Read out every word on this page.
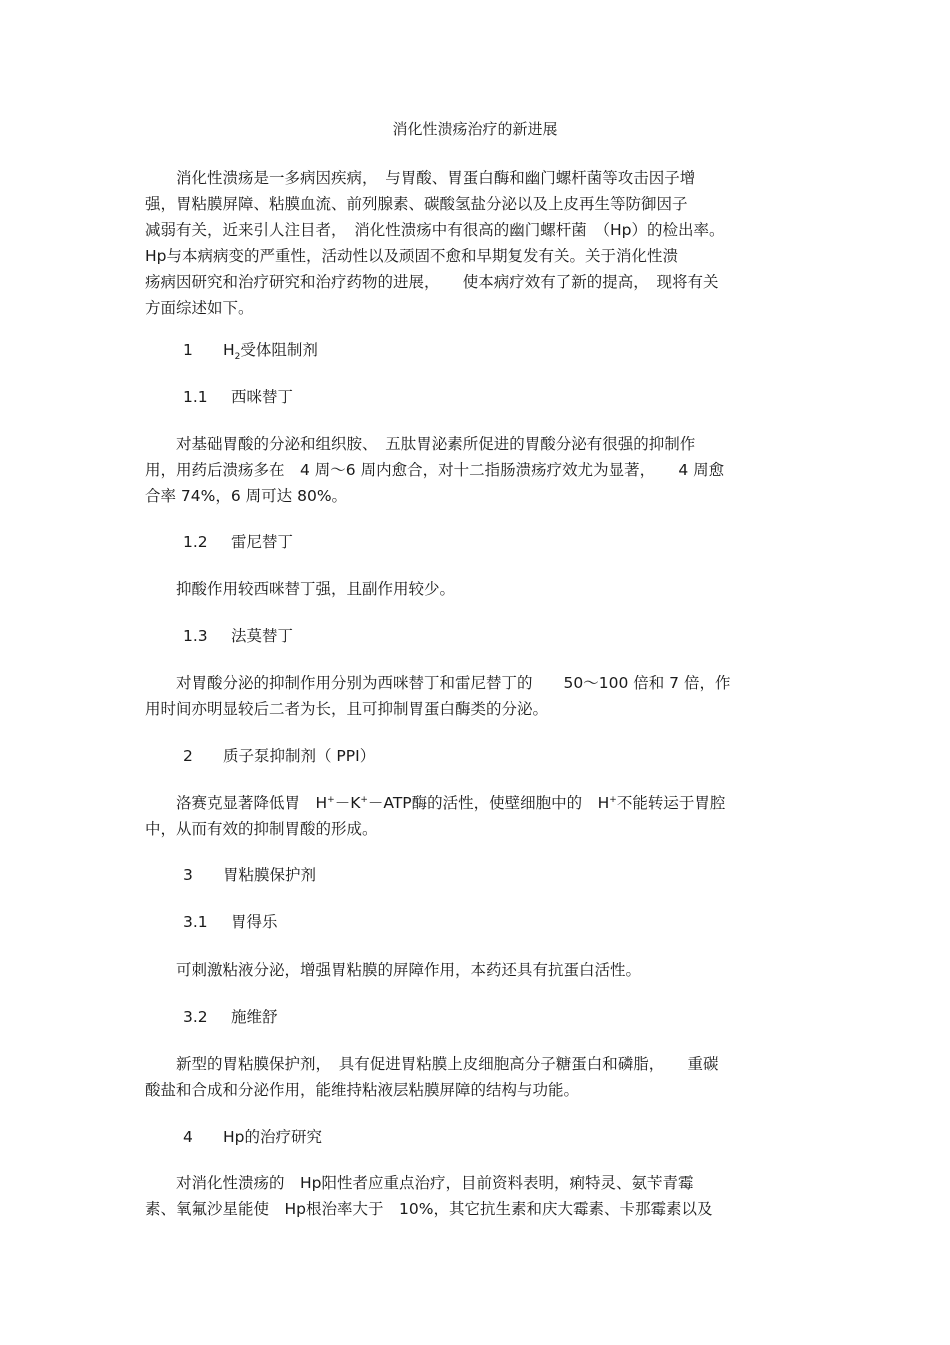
消化性溃疡治疗的新进展
　　消化性溃疡是一多病因疾病，　与胃酸、胃蛋白酶和幽门螺杆菌等攻击因子增
强，胃粘膜屏障、粘膜血流、前列腺素、碳酸氢盐分泌以及上皮再生等防御因子
减弱有关，近来引人注目者，　消化性溃疡中有很高的幽门螺杆菌　（Hp）的检出率。
Hp与本病病变的严重性，活动性以及顽固不愈和早期复发有关。关于消化性溃
疡病因研究和治疗研究和治疗药物的进展，　　使本病疗效有了新的提高，　现将有关
方面综述如下。
1 $H_2$受体阻制剂
1.1 西咪替丁
　　对基础胃酸的分泌和组织胺、　五肽胃泌素所促进的胃酸分泌有很强的抑制作
用，用药后溃疡多在　4 周～6 周内愈合，对十二指肠溃疡疗效尤为显著，　　4 周愈
合率 74%，6 周可达 80%。
1.2 雷尼替丁
　　抑酸作用较西咪替丁强，且副作用较少。
1.3 法莫替丁
　　对胃酸分泌的抑制作用分别为西咪替丁和雷尼替丁的　　50～100 倍和 7 倍，作
用时间亦明显较后二者为长，且可抑制胃蛋白酶类的分泌。
2 质子泵抑制剂（ PPI）
　　洛赛克显著降低胃　H+－K+－ATP酶的活性，使壁细胞中的　H+不能转运于胃腔
中，从而有效的抑制胃酸的形成。
3 胃粘膜保护剂
3.1 胃得乐
　　可刺激粘液分泌，增强胃粘膜的屏障作用，本药还具有抗蛋白活性。
3.2 施维舒
　　新型的胃粘膜保护剂，　具有促进胃粘膜上皮细胞高分子糖蛋白和磷脂，　　重碳
酸盐和合成和分泌作用，能维持粘液层粘膜屏障的结构与功能。
4 Hp的治疗研究
　　对消化性溃疡的　Hp阳性者应重点治疗，目前资料表明，痢特灵、氨苄青霉
素、氧氟沙星能使　Hp根治率大于　10%，其它抗生素和庆大霉素、卡那霉素以及
